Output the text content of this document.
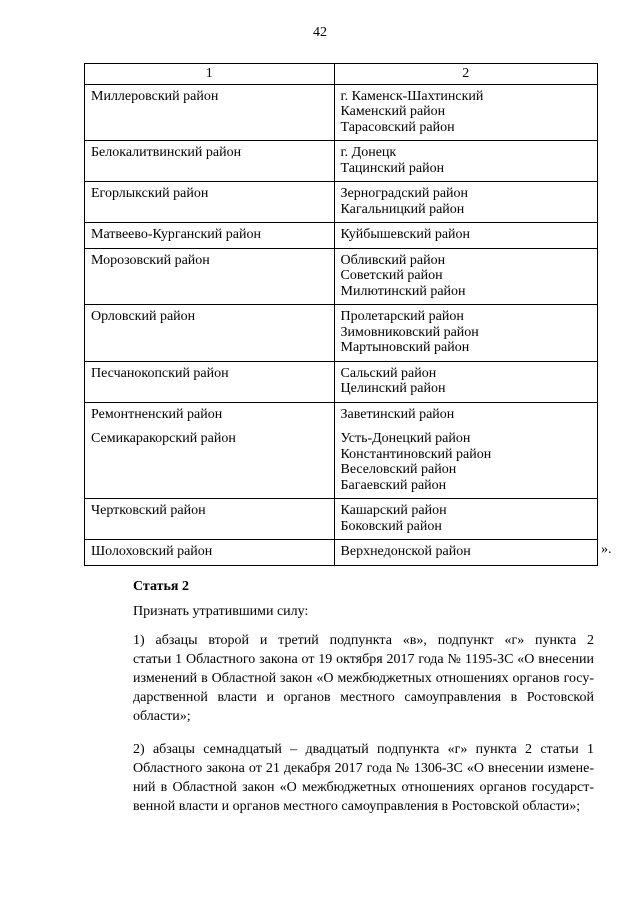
42
1	2
Миллеровский район	г. Каменск-Шахтинский
Каменский район
Тарасовский район

Белокалитвинский район	г. Донецк
Тацинский район

Егорлыкский район	Зерноградский район
Кагальницкий район

Матвеево-Курганский район	Куйбышевский район

Морозовский район	Обливский район
Советский район
Милютинский район

Орловский район	Пролетарский район
Зимовниковский район
Мартыновский район

Песчанокопский район	Сальский район
Целинский район

Ремонтненский район	Заветинский район

Семикаракорский район	Усть-Донецкий район
Константиновский район
Веселовский район
Багаевский район

Чертковский район	Кашарский район
Боковский район

Шолоховский район	Верхнедонской район	».
Статья 2
Признать утратившими силу:
1) абзацы второй и третий подпункта «в», подпункт «г» пункта 2
статьи 1 Областного закона от 19 октября 2017 года № 1195-ЗС «О внесении
изменений в Областной закон «О межбюджетных отношениях органов госу-
дарственной власти и органов местного самоуправления в Ростовской
области»;
2) абзацы семнадцатый – двадцатый подпункта «г» пункта 2 статьи 1
Областного закона от 21 декабря 2017 года № 1306-ЗС «О внесении измене-
ний в Областной закон «О межбюджетных отношениях органов государст-
венной власти и органов местного самоуправления в Ростовской области»;
